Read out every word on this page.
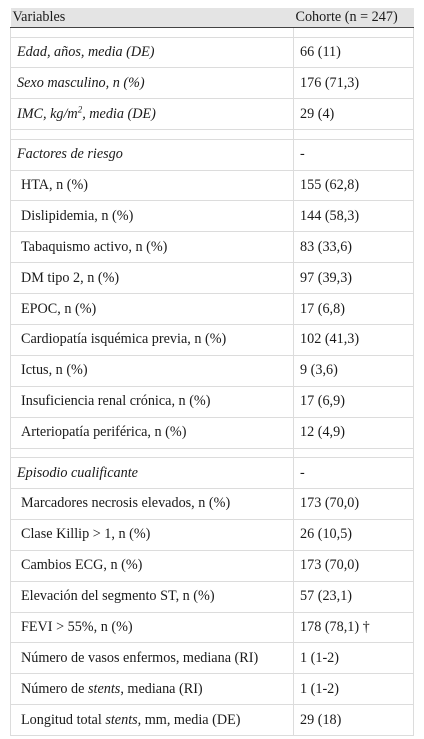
Variables	Cohorte (n = 247)

Edad, años, media (DE)	66 (11)
Sexo masculino, n (%)	176 (71,3)
IMC, $kg/m^2$, media (DE)	29 (4)

Factores de riesgo	-
HTA, n (%)	155 (62,8)
Dislipidemia, n (%)	144 (58,3)
Tabaquismo activo, n (%)	83 (33,6)
DM tipo 2, n (%)	97 (39,3)
EPOC, n (%)	17 (6,8)
Cardiopatía isquémica previa, n (%)	102 (41,3)
Ictus, n (%)	9 (3,6)
Insuficiencia renal crónica, n (%)	17 (6,9)
Arteriopatía periférica, n (%)	12 (4,9)

Episodio cualificante	-
Marcadores necrosis elevados, n (%)	173 (70,0)
Clase Killip > 1, n (%)	26 (10,5)
Cambios ECG, n (%)	173 (70,0)
Elevación del segmento ST, n (%)	57 (23,1)
FEVI > 55%, n (%)	178 (78,1) †
Número de vasos enfermos, mediana (RI)	1 (1-2)
Número de stents, mediana (RI)	1 (1-2)
Longitud total stents, mm, media (DE)	29 (18)
